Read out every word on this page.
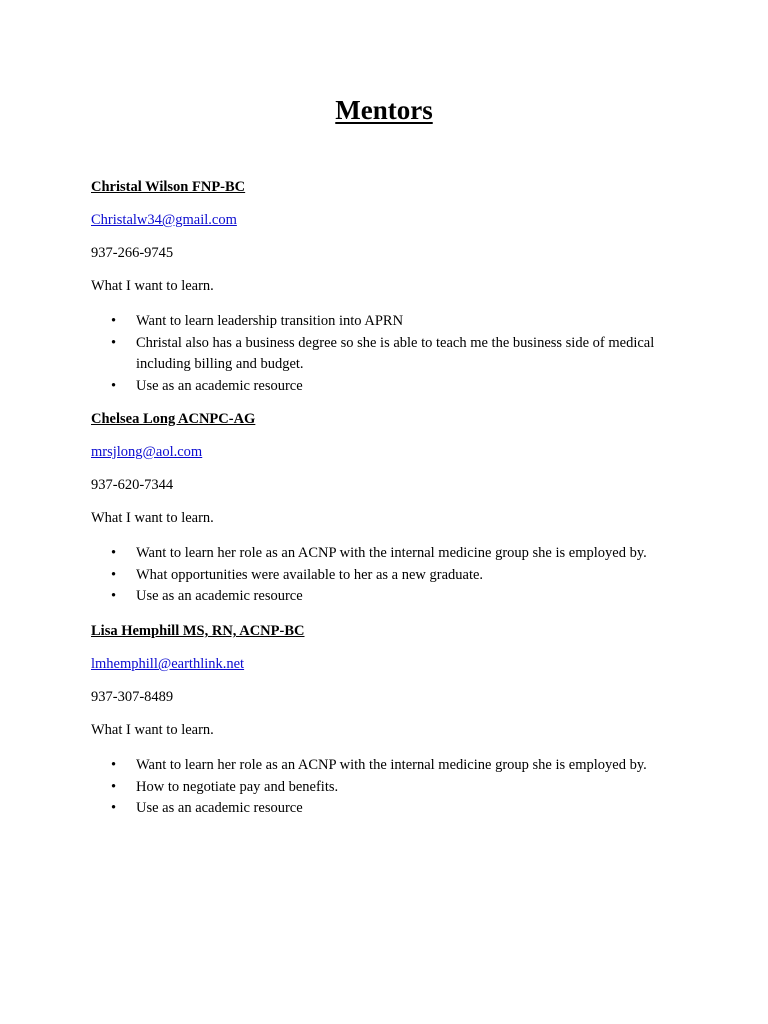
Mentors
Christal Wilson FNP-BC
Christalw34@gmail.com
937-266-9745
What I want to learn.
• Want to learn leadership transition into APRN
• Christal also has a business degree so she is able to teach me the business side of medical including billing and budget.
• Use as an academic resource
Chelsea Long ACNPC-AG
mrsjlong@aol.com
937-620-7344
What I want to learn.
• Want to learn her role as an ACNP with the internal medicine group she is employed by.
• What opportunities were available to her as a new graduate.
• Use as an academic resource
Lisa Hemphill MS, RN, ACNP-BC
lmhemphill@earthlink.net
937-307-8489
What I want to learn.
• Want to learn her role as an ACNP with the internal medicine group she is employed by.
• How to negotiate pay and benefits.
• Use as an academic resource
